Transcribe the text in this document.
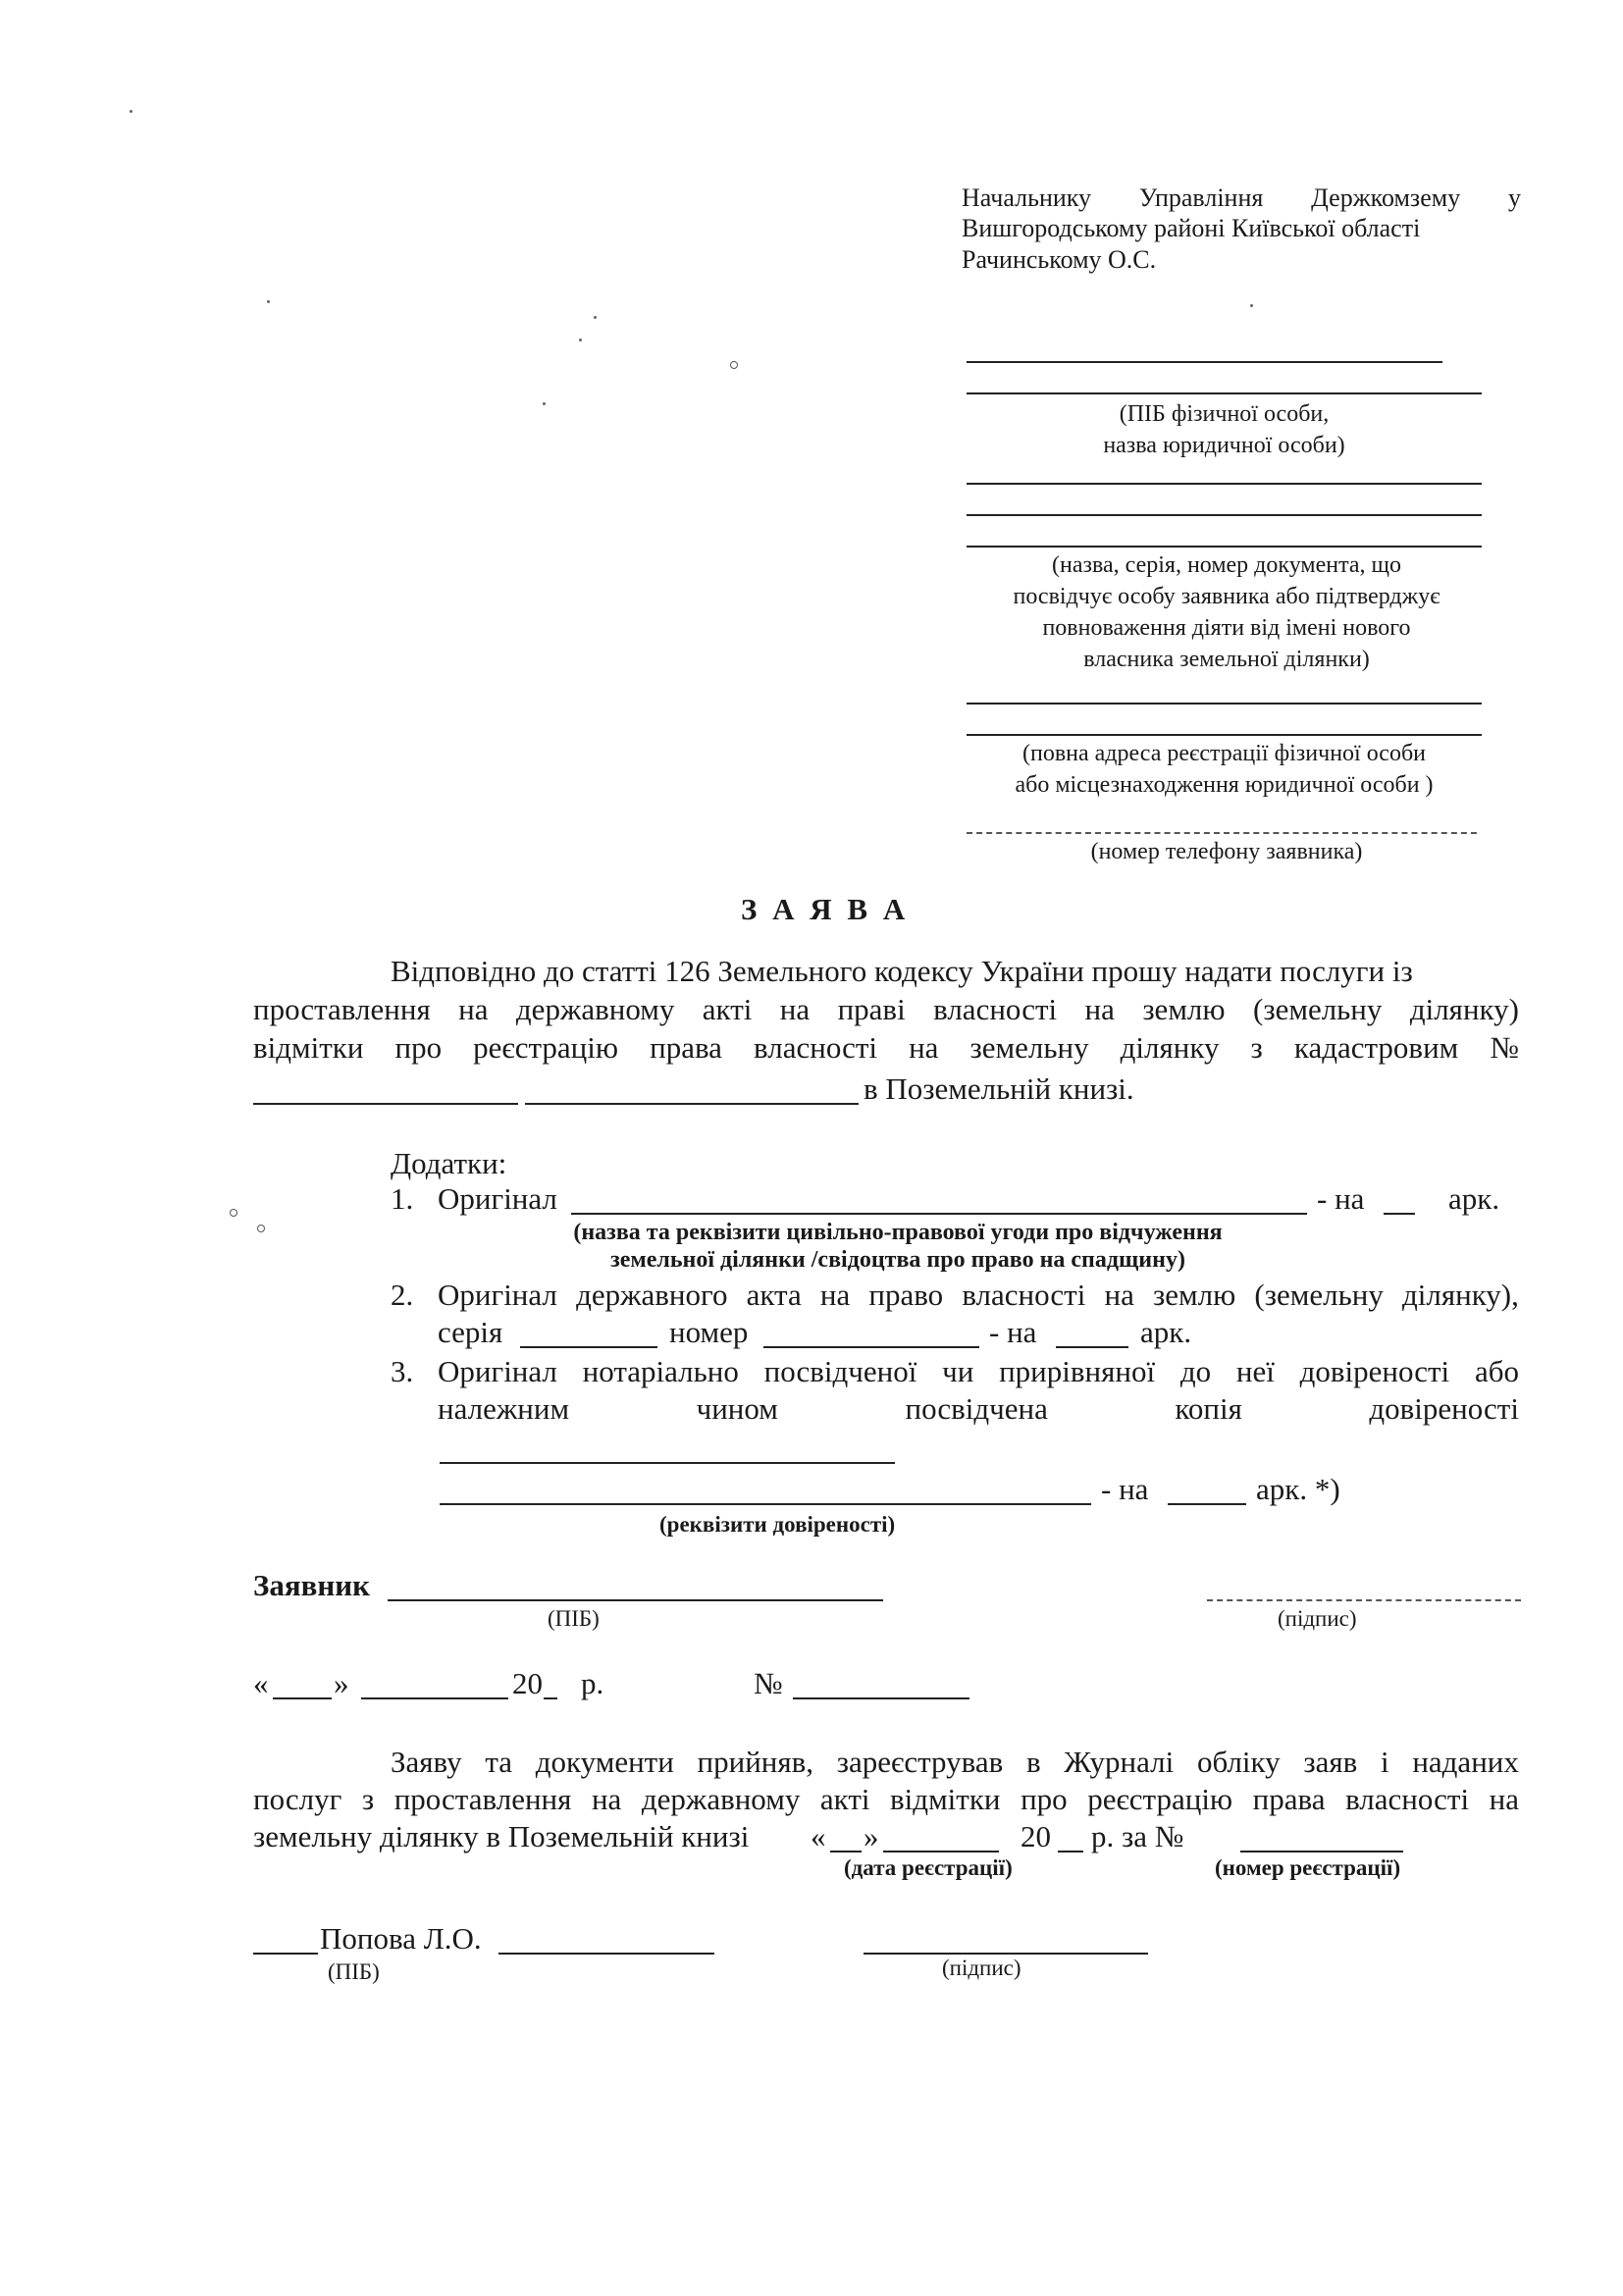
Начальнику Управління Держкомзему у
Вишгородському районі Київської області
Рачинському О.С.
(ПІБ фізичної особи,
назва юридичної особи)
(назва, серія, номер документа, що
посвідчує особу заявника або підтверджує
повноваження діяти від імені нового
власника земельної ділянки)
(повна адреса реєстрації фізичної особи
або місцезнаходження юридичної особи )
(номер телефону заявника)
З А Я В А
Відповідно до статті 126 Земельного кодексу України прошу надати послуги із
проставлення на державному акті на праві власності на землю (земельну ділянку)
відмітки про реєстрацію права власності на земельну ділянку з кадастровим №
в Поземельній книзі.
Додатки:
1. Оригінал	- на	арк.
(назва та реквізити цивільно-правової угоди про відчуження
земельної ділянки /свідоцтва про право на спадщину)
2. Оригінал державного акта на право власності на землю (земельну ділянку),
серія	номер	- на	арк.
3. Оригінал нотаріально посвідченої чи прирівняної до неї довіреності або
належним	чином	посвідчена	копія	довіреності
- на	арк. *)
(реквізити довіреності)
Заявник
(ПІБ)	(підпис)
« »	20 р.	№
Заяву та документи прийняв, зареєстрував в Журналі обліку заяв і наданих
послуг з проставлення на державному акті відмітки про реєстрацію права власності на
земельну ділянку в Поземельній книзі « »	20 р. за №
(дата реєстрації)	(номер реєстрації)
Попова Л.О.
(ПІБ)	(підпис)
